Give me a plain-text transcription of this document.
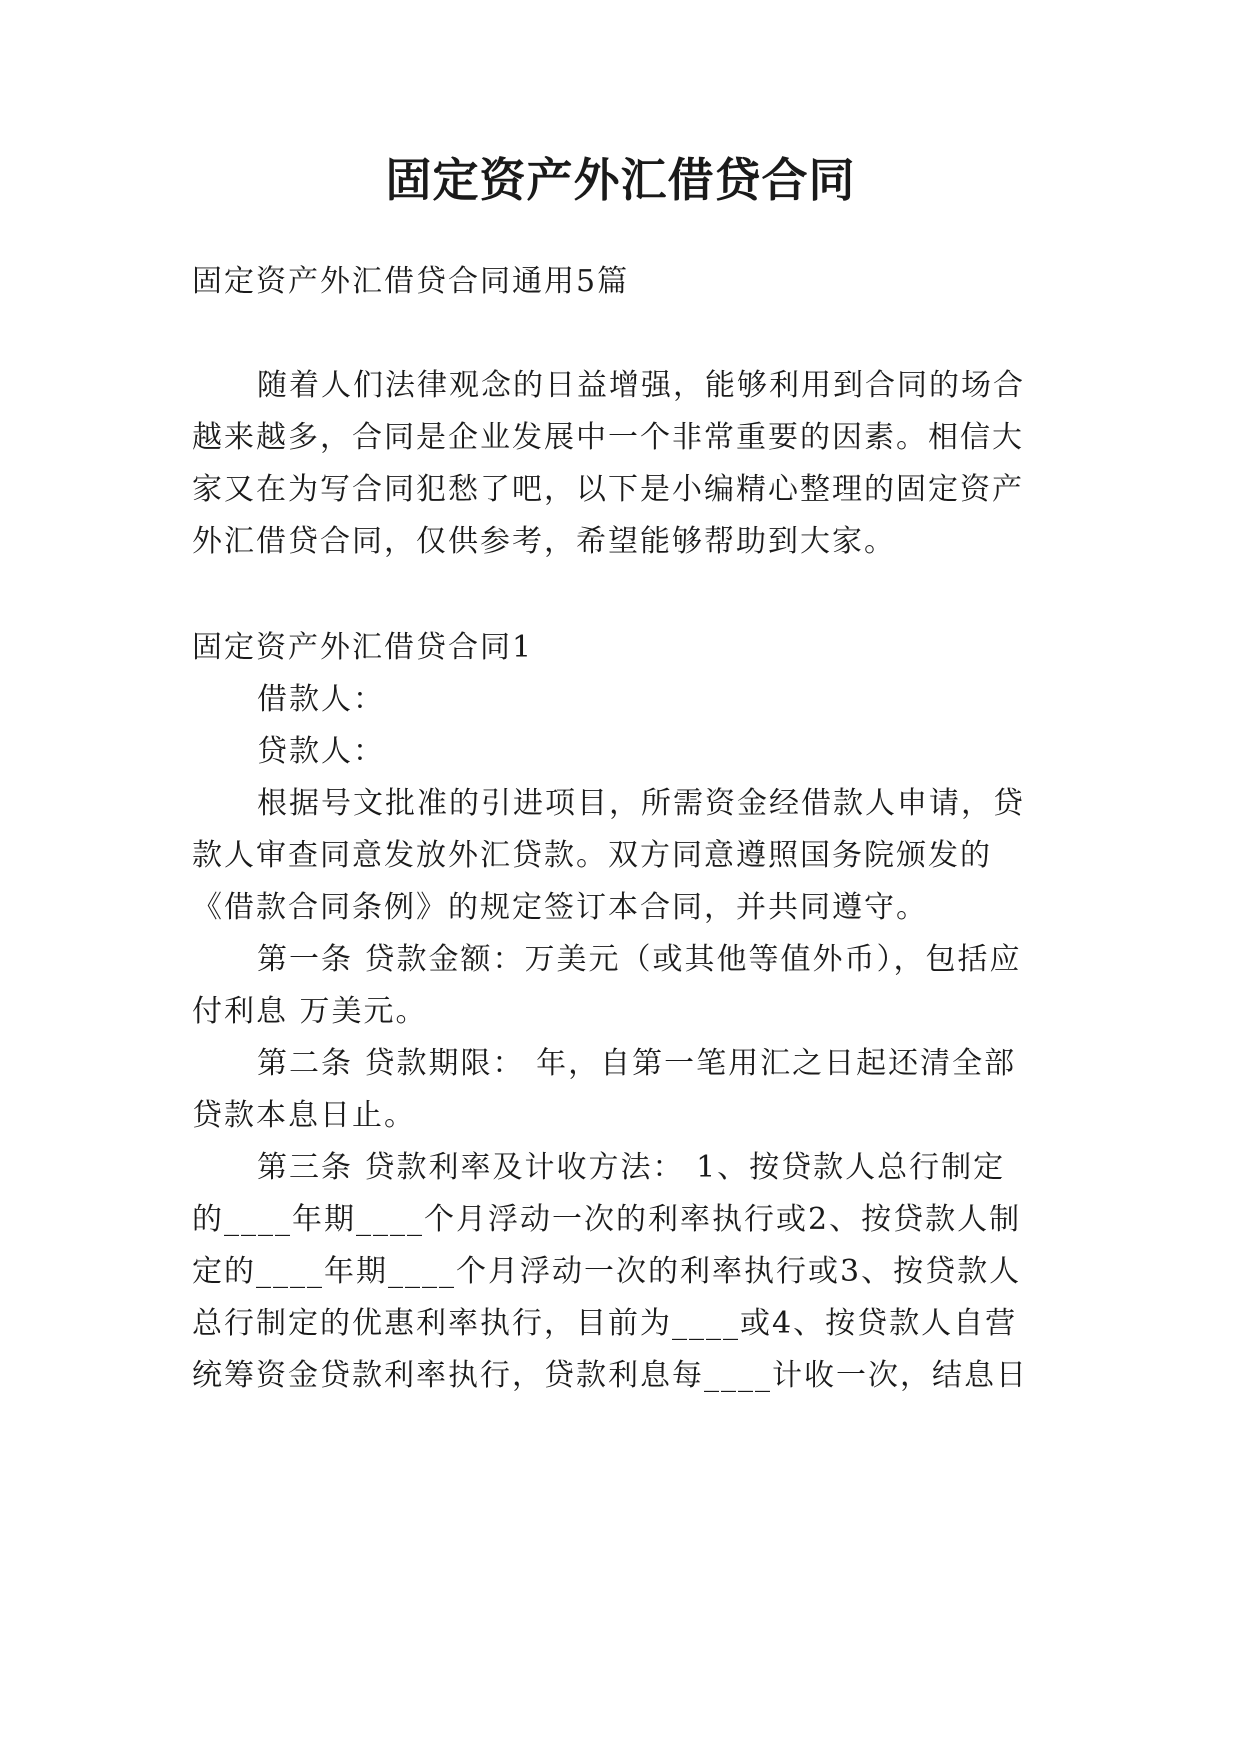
固定资产外汇借贷合同
固定资产外汇借贷合同通用5篇
随着人们法律观念的日益增强，能够利用到合同的场合
越来越多，合同是企业发展中一个非常重要的因素。相信大
家又在为写合同犯愁了吧，以下是小编精心整理的固定资产
外汇借贷合同，仅供参考，希望能够帮助到大家。
固定资产外汇借贷合同1
借款人：
贷款人：
根据号文批准的引进项目，所需资金经借款人申请，贷
款人审查同意发放外汇贷款。双方同意遵照国务院颁发的
《借款合同条例》的规定签订本合同，并共同遵守。
第一条 贷款金额：万美元（或其他等值外币），包括应
付利息 万美元。
第二条 贷款期限： 年，自第一笔用汇之日起还清全部
贷款本息日止。
第三条 贷款利率及计收方法： 1、按贷款人总行制定
的____年期____个月浮动一次的利率执行或2、按贷款人制
定的____年期____个月浮动一次的利率执行或3、按贷款人
总行制定的优惠利率执行，目前为____或4、按贷款人自营
统筹资金贷款利率执行，贷款利息每____计收一次，结息日
